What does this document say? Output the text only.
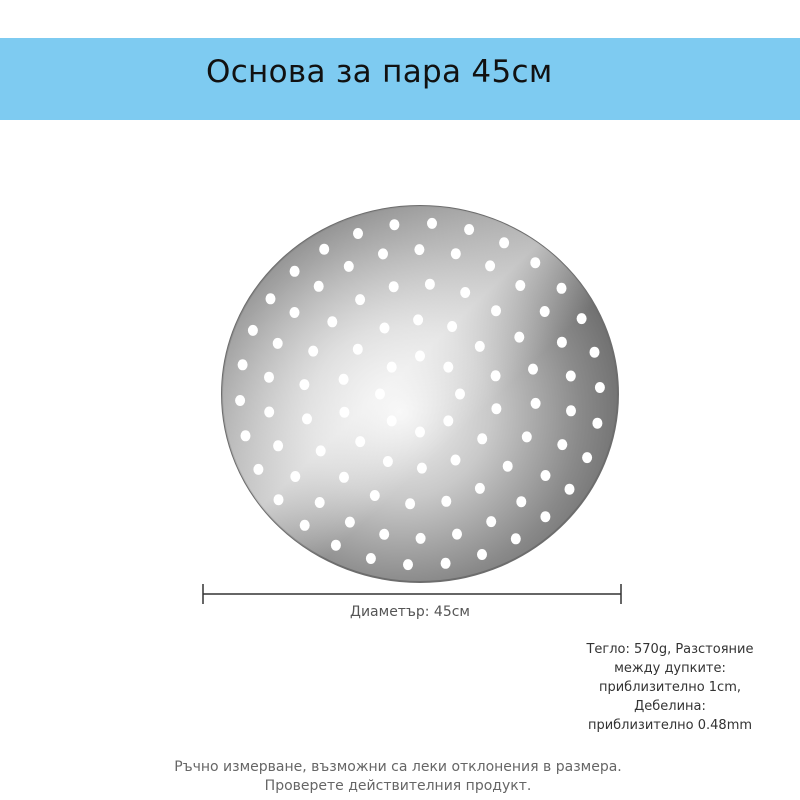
Основа за пара 45см
Диаметър: 45см
Тегло: 570g, Разстояние
между дупките:
приблизително 1cm,
Дебелина:
приблизително 0.48mm
Ръчно измерване, възможни са леки отклонения в размера.
Проверете действителния продукт.
